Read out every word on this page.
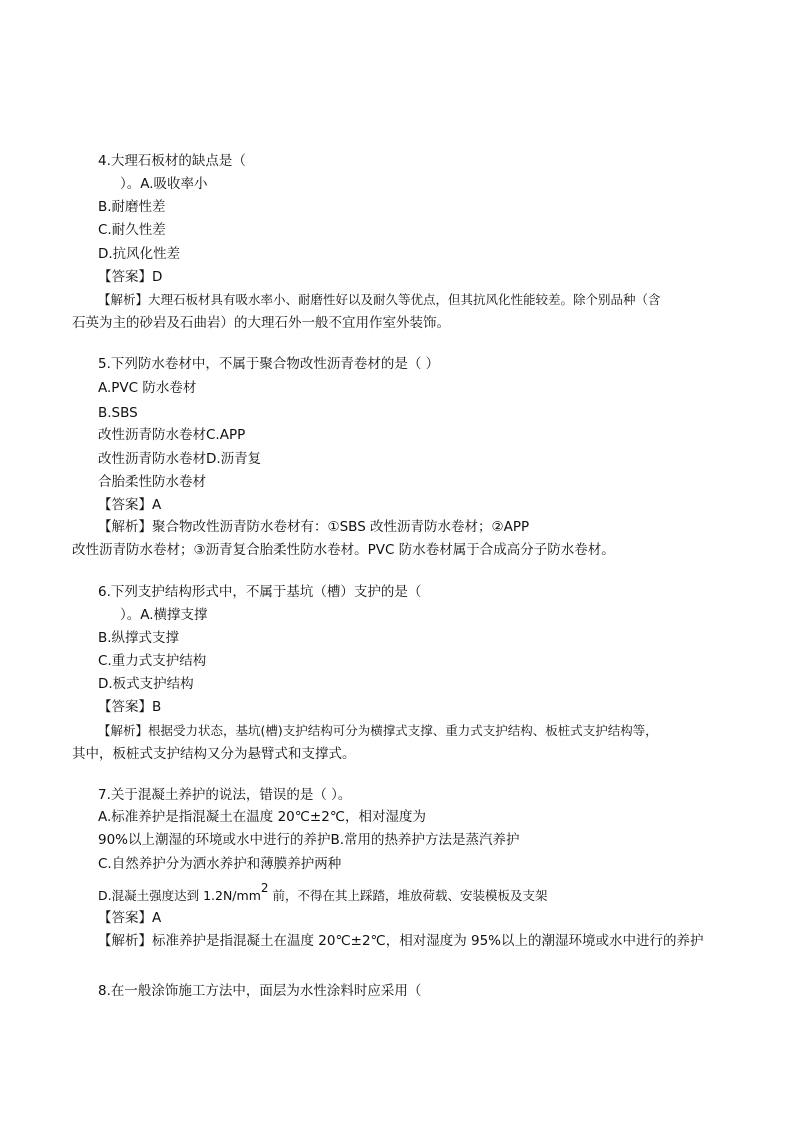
4.大理石板材的缺点是（
）。A.吸收率小
B.耐磨性差
C.耐久性差
D.抗风化性差
【答案】D
【解析】大理石板材具有吸水率小、耐磨性好以及耐久等优点，但其抗风化性能较差。除个别品种（含
石英为主的砂岩及石曲岩）的大理石外一般不宜用作室外装饰。
5.下列防水卷材中，不属于聚合物改性沥青卷材的是（ ）
A.PVC 防水卷材
B.SBS
改性沥青防水卷材C.APP
改性沥青防水卷材D.沥青复
合胎柔性防水卷材
【答案】A
【解析】聚合物改性沥青防水卷材有：①SBS 改性沥青防水卷材；②APP
改性沥青防水卷材；③沥青复合胎柔性防水卷材。PVC 防水卷材属于合成高分子防水卷材。
6.下列支护结构形式中，不属于基坑（槽）支护的是（
）。A.横撑支撑
B.纵撑式支撑
C.重力式支护结构
D.板式支护结构
【答案】B
【解析】根据受力状态，基坑(槽)支护结构可分为横撑式支撑、重力式支护结构、板桩式支护结构等，
其中，板桩式支护结构又分为悬臂式和支撑式。
7.关于混凝土养护的说法，错误的是（ ）。
A.标准养护是指混凝土在温度 20℃±2℃，相对湿度为
90%以上潮湿的环境或水中进行的养护B.常用的热养护方法是蒸汽养护
C.自然养护分为洒水养护和薄膜养护两种
D.混凝土强度达到 $1.2N/mm^2$ 前，不得在其上踩踏，堆放荷载、安装模板及支架
【答案】A
【解析】标准养护是指混凝土在温度 20℃±2℃，相对湿度为 95%以上的潮湿环境或水中进行的养护
8.在一般涂饰施工方法中，面层为水性涂料时应采用（
